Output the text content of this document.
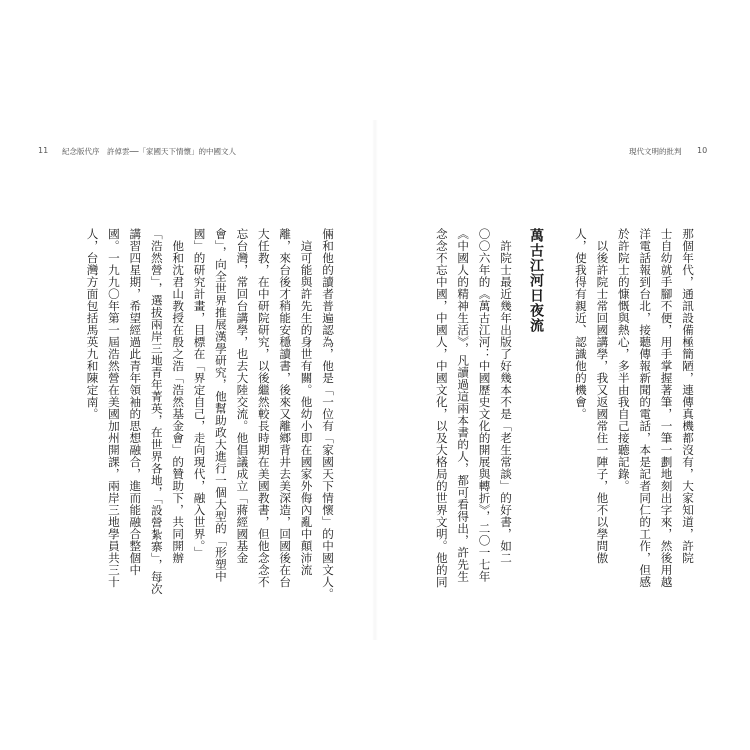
11 紀念版代序　許倬雲──「家國天下情懷」的中國文人

倆和他的讀者普遍認為，他是「一位有「家國天下情懷」的中國文人。

這可能與許先生的身世有關。他幼小即在國家外侮內亂中顛沛流

離，來台後才稍能安穩讀書，後來又離鄉背井去美深造，回國後在台

大任教，在中研院研究，以後繼然較長時期在美國教書，但他念念不

忘台灣，常回台講學，也去大陸交流。他倡議成立「蔣經國基金

會」，向全世界推展漢學研究，他幫助政大進行一個大型的「形塑中

國」的研究計畫，目標在「界定自己，走向現代，融入世界。」

他和沈君山教授在殷之浩「浩然基金會」的贊助下，共同開辦

「浩然營」，選拔兩岸三地青年菁英，在世界各地，「設營紮寨」，每次

講習四星期，希望經過此青年領袖的思想融合，進而能融合整個中

國。一九九〇年第一屆浩然營在美國加州開課，兩岸三地學員共三十

人，台灣方面包括馬英九和陳定南。

現代文明的批判 10

那個年代，通訊設備極簡陋，連傳真機都沒有，大家知道，許院

士自幼就手腳不便，用手掌握著筆，一筆一劃地刻出字來，然後用越

洋電話報到台北，接聽傳報新聞的電話，本是記者同仁的工作，但感

於許院士的慷慨與熱心，多半由我自己接聽記錄。

以後許院士常回國講學，我又返國常住一陣子，他不以學問傲

人，使我得有親近、認識他的機會。

萬古江河日夜流

許院士最近幾年出版了好幾本不是「老生常談」的好書，如二

〇〇六年的《萬古江河：中國歷史文化的開展與轉折》，二〇一七年

《中國人的精神生活》，凡讀過這兩本書的人，都可看得出，許先生

念念不忘中國，中國人，中國文化，以及大格局的世界文明。他的同
